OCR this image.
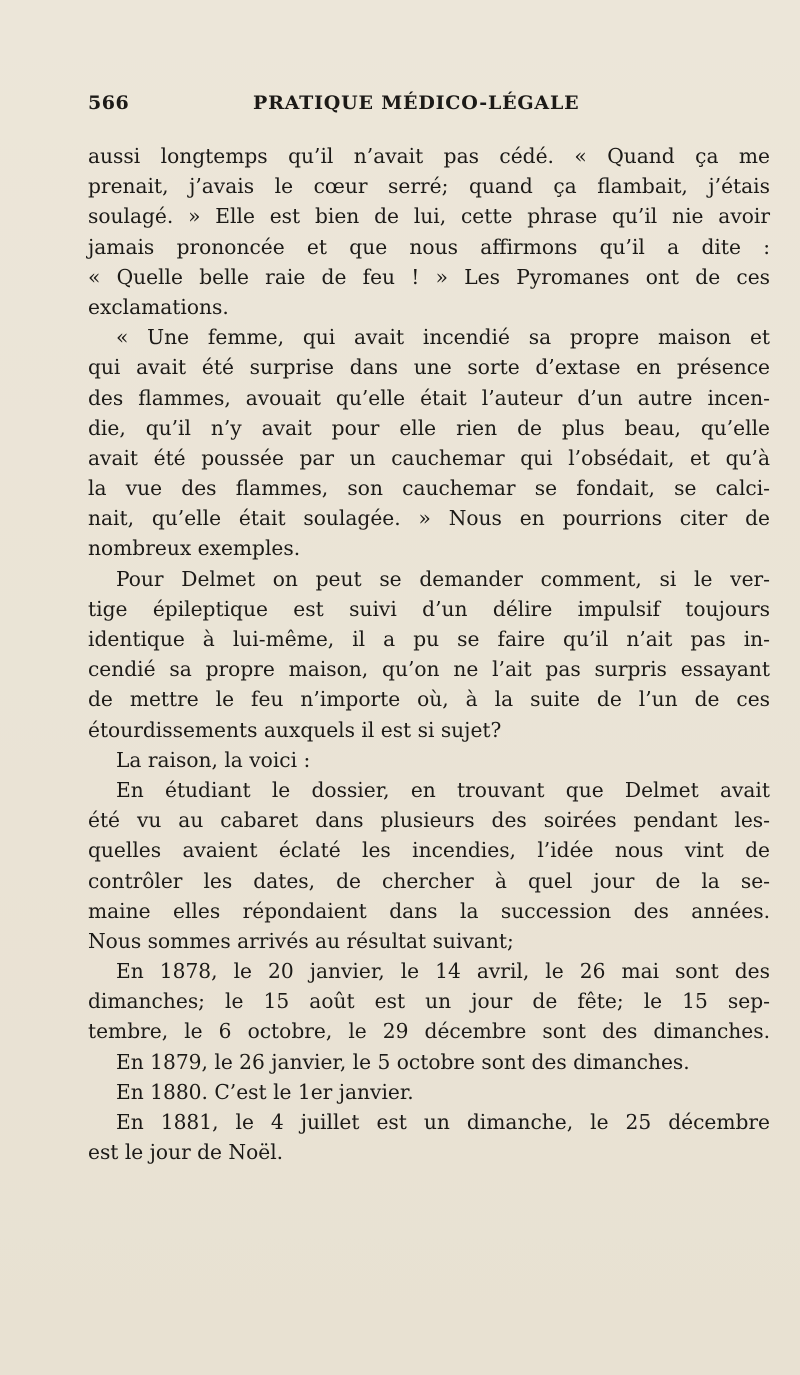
566	PRATIQUE MÉDICO-LÉGALE
aussi longtemps qu’il n’avait pas cédé. « Quand ça me
prenait, j’avais le cœur serré; quand ça flambait, j’étais
soulagé. » Elle est bien de lui, cette phrase qu’il nie avoir
jamais prononcée et que nous affirmons qu’il a dite :
« Quelle belle raie de feu ! » Les Pyromanes ont de ces
exclamations.
« Une femme, qui avait incendié sa propre maison et
qui avait été surprise dans une sorte d’extase en présence
des flammes, avouait qu’elle était l’auteur d’un autre incen-
die, qu’il n’y avait pour elle rien de plus beau, qu’elle
avait été poussée par un cauchemar qui l’obsédait, et qu’à
la vue des flammes, son cauchemar se fondait, se calci-
nait, qu’elle était soulagée. » Nous en pourrions citer de
nombreux exemples.
Pour Delmet on peut se demander comment, si le ver-
tige épileptique est suivi d’un délire impulsif toujours
identique à lui-même, il a pu se faire qu’il n’ait pas in-
cendié sa propre maison, qu’on ne l’ait pas surpris essayant
de mettre le feu n’importe où, à la suite de l’un de ces
étourdissements auxquels il est si sujet?
La raison, la voici :
En étudiant le dossier, en trouvant que Delmet avait
été vu au cabaret dans plusieurs des soirées pendant les-
quelles avaient éclaté les incendies, l’idée nous vint de
contrôler les dates, de chercher à quel jour de la se-
maine elles répondaient dans la succession des années.
Nous sommes arrivés au résultat suivant;
En 1878, le 20 janvier, le 14 avril, le 26 mai sont des
dimanches; le 15 août est un jour de fête; le 15 sep-
tembre, le 6 octobre, le 29 décembre sont des dimanches.
En 1879, le 26 janvier, le 5 octobre sont des dimanches.
En 1880. C’est le 1er janvier.
En 1881, le 4 juillet est un dimanche, le 25 décembre
est le jour de Noël.
